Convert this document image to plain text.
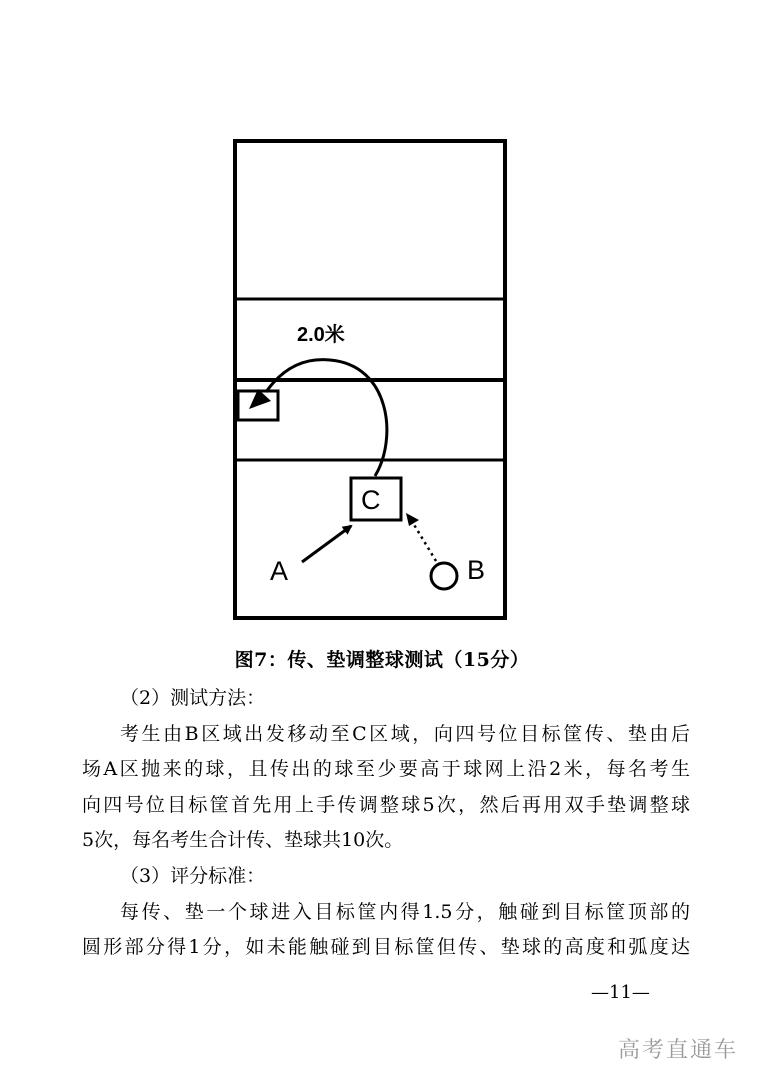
2.0米
C
A	B
图7：传、垫调整球测试（15分）

（2）测试方法：

考生由B区域出发移动至C区域，向四号位目标筐传、垫由后

场A区抛来的球，且传出的球至少要高于球网上沿2米，每名考生

向四号位目标筐首先用上手传调整球5次，然后再用双手垫调整球

5次，每名考生合计传、垫球共10次。

（3）评分标准：

每传、垫一个球进入目标筐内得1.5分，触碰到目标筐顶部的

圆形部分得1分，如未能触碰到目标筐但传、垫球的高度和弧度达

—11—
高考直通车
